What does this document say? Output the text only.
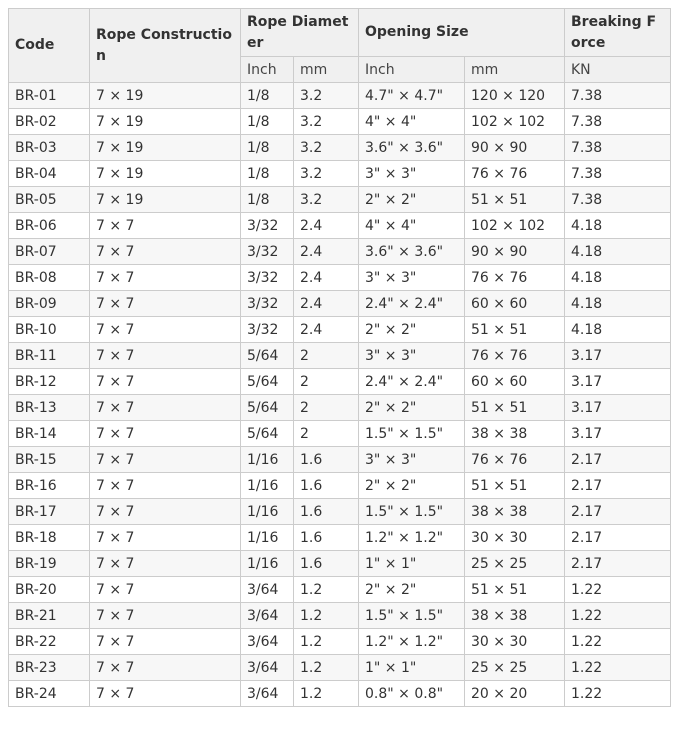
Code	Rope Construction	Rope Diameter		Opening Size		Breaking Force
		Inch	mm	Inch	mm	KN
BR-01	7 × 19	1/8	3.2	4.7" × 4.7"	120 × 120	7.38
BR-02	7 × 19	1/8	3.2	4" × 4"	102 × 102	7.38
BR-03	7 × 19	1/8	3.2	3.6" × 3.6"	90 × 90	7.38
BR-04	7 × 19	1/8	3.2	3" × 3"	76 × 76	7.38
BR-05	7 × 19	1/8	3.2	2" × 2"	51 × 51	7.38
BR-06	7 × 7	3/32	2.4	4" × 4"	102 × 102	4.18
BR-07	7 × 7	3/32	2.4	3.6" × 3.6"	90 × 90	4.18
BR-08	7 × 7	3/32	2.4	3" × 3"	76 × 76	4.18
BR-09	7 × 7	3/32	2.4	2.4" × 2.4"	60 × 60	4.18
BR-10	7 × 7	3/32	2.4	2" × 2"	51 × 51	4.18
BR-11	7 × 7	5/64	2	3" × 3"	76 × 76	3.17
BR-12	7 × 7	5/64	2	2.4" × 2.4"	60 × 60	3.17
BR-13	7 × 7	5/64	2	2" × 2"	51 × 51	3.17
BR-14	7 × 7	5/64	2	1.5" × 1.5"	38 × 38	3.17
BR-15	7 × 7	1/16	1.6	3" × 3"	76 × 76	2.17
BR-16	7 × 7	1/16	1.6	2" × 2"	51 × 51	2.17
BR-17	7 × 7	1/16	1.6	1.5" × 1.5"	38 × 38	2.17
BR-18	7 × 7	1/16	1.6	1.2" × 1.2"	30 × 30	2.17
BR-19	7 × 7	1/16	1.6	1" × 1"	25 × 25	2.17
BR-20	7 × 7	3/64	1.2	2" × 2"	51 × 51	1.22
BR-21	7 × 7	3/64	1.2	1.5" × 1.5"	38 × 38	1.22
BR-22	7 × 7	3/64	1.2	1.2" × 1.2"	30 × 30	1.22
BR-23	7 × 7	3/64	1.2	1" × 1"	25 × 25	1.22
BR-24	7 × 7	3/64	1.2	0.8" × 0.8"	20 × 20	1.22
